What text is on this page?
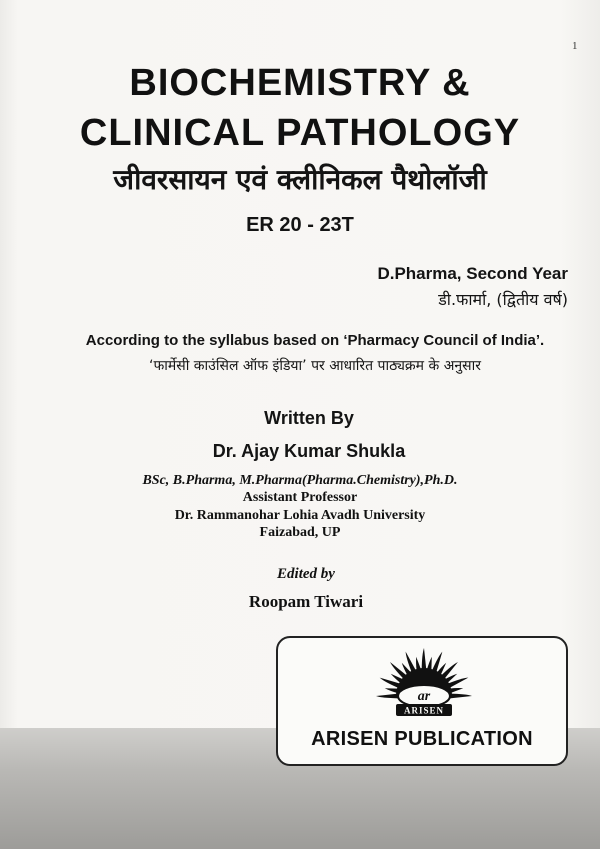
1
BIOCHEMISTRY &
CLINICAL PATHOLOGY
जीवरसायन एवं क्लीनिकल पैथोलॉजी
ER 20 - 23T
D.Pharma, Second Year
डी.फार्मा, (द्वितीय वर्ष)
According to the syllabus based on ‘Pharmacy Council of India’.
‘फार्मेसी काउंसिल ऑफ इंडिया’ पर आधारित पाठ्यक्रम के अनुसार
Written By
Dr. Ajay Kumar Shukla
BSc, B.Pharma, M.Pharma(Pharma.Chemistry),Ph.D.
Assistant Professor
Dr. Rammanohar Lohia Avadh University
Faizabad, UP
Edited by
Roopam Tiwari
ar
ARISEN
ARISEN PUBLICATION
